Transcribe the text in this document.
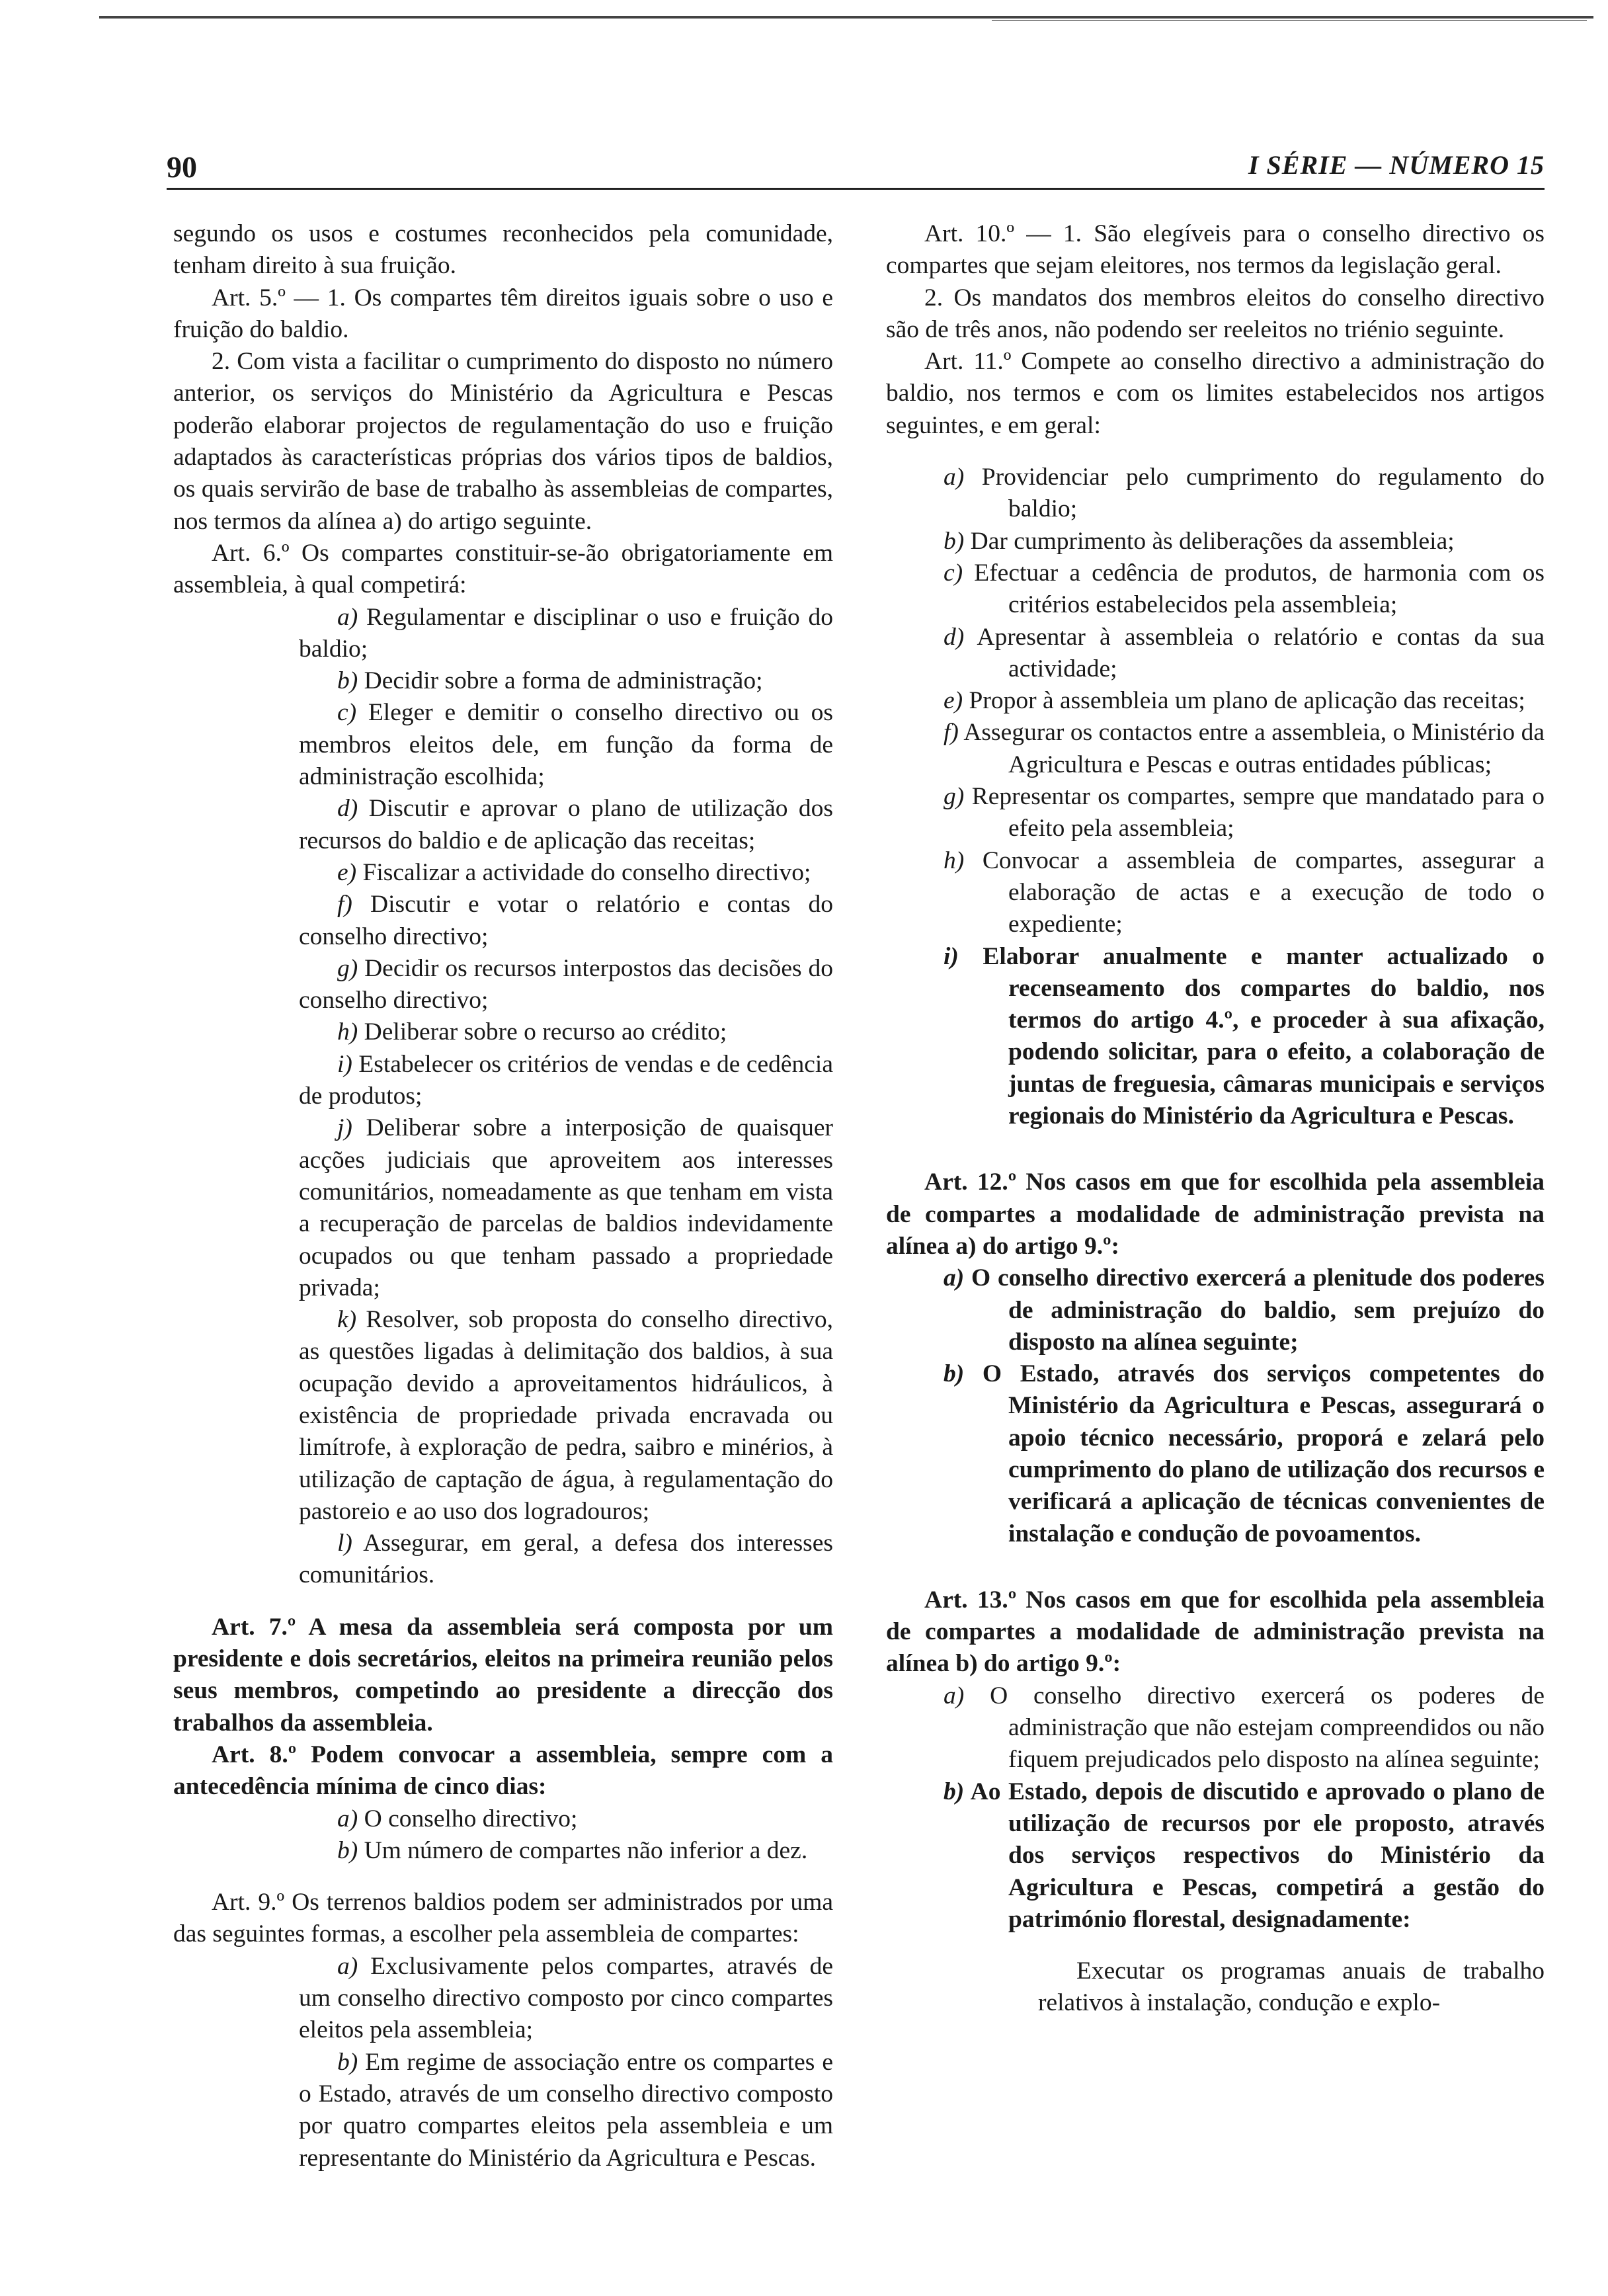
90	I SÉRIE — NÚMERO 15

segundo os usos e costumes reconhecidos pela comunidade, tenham direito à sua fruição.

Art. 5.º — 1. Os compartes têm direitos iguais sobre o uso e fruição do baldio.

2. Com vista a facilitar o cumprimento do disposto no número anterior, os serviços do Ministério da Agricultura e Pescas poderão elaborar projectos de regulamentação do uso e fruição adaptados às características próprias dos vários tipos de baldios, os quais servirão de base de trabalho às assembleias de compartes, nos termos da alínea a) do artigo seguinte.

Art. 6.º Os compartes constituir-se-ão obrigatoriamente em assembleia, à qual competirá:

a) Regulamentar e disciplinar o uso e fruição do baldio;

b) Decidir sobre a forma de administração;

c) Eleger e demitir o conselho directivo ou os membros eleitos dele, em função da forma de administração escolhida;

d) Discutir e aprovar o plano de utilização dos recursos do baldio e de aplicação das receitas;

e) Fiscalizar a actividade do conselho directivo;

f) Discutir e votar o relatório e contas do conselho directivo;

g) Decidir os recursos interpostos das decisões do conselho directivo;

h) Deliberar sobre o recurso ao crédito;

i) Estabelecer os critérios de vendas e de cedência de produtos;

j) Deliberar sobre a interposição de quaisquer acções judiciais que aproveitem aos interesses comunitários, nomeadamente as que tenham em vista a recuperação de parcelas de baldios indevidamente ocupados ou que tenham passado a propriedade privada;

k) Resolver, sob proposta do conselho directivo, as questões ligadas à delimitação dos baldios, à sua ocupação devido a aproveitamentos hidráulicos, à existência de propriedade privada encravada ou limítrofe, à exploração de pedra, saibro e minérios, à utilização de captação de água, à regulamentação do pastoreio e ao uso dos logradouros;

l) Assegurar, em geral, a defesa dos interesses comunitários.

Art. 7.º A mesa da assembleia será composta por um presidente e dois secretários, eleitos na primeira reunião pelos seus membros, competindo ao presidente a direcção dos trabalhos da assembleia.

Art. 8.º Podem convocar a assembleia, sempre com a antecedência mínima de cinco dias:

a) O conselho directivo;

b) Um número de compartes não inferior a dez.

Art. 9.º Os terrenos baldios podem ser administrados por uma das seguintes formas, a escolher pela assembleia de compartes:

a) Exclusivamente pelos compartes, através de um conselho directivo composto por cinco compartes eleitos pela assembleia;

b) Em regime de associação entre os compartes e o Estado, através de um conselho directivo composto por quatro compartes eleitos pela assembleia e um representante do Ministério da Agricultura e Pescas.

Art. 10.º — 1. São elegíveis para o conselho directivo os compartes que sejam eleitores, nos termos da legislação geral.

2. Os mandatos dos membros eleitos do conselho directivo são de três anos, não podendo ser reeleitos no triénio seguinte.

Art. 11.º Compete ao conselho directivo a administração do baldio, nos termos e com os limites estabelecidos nos artigos seguintes, e em geral:

a) Providenciar pelo cumprimento do regulamento do baldio;

b) Dar cumprimento às deliberações da assembleia;

c) Efectuar a cedência de produtos, de harmonia com os critérios estabelecidos pela assembleia;

d) Apresentar à assembleia o relatório e contas da sua actividade;

e) Propor à assembleia um plano de aplicação das receitas;

f) Assegurar os contactos entre a assembleia, o Ministério da Agricultura e Pescas e outras entidades públicas;

g) Representar os compartes, sempre que mandatado para o efeito pela assembleia;

h) Convocar a assembleia de compartes, assegurar a elaboração de actas e a execução de todo o expediente;

i) Elaborar anualmente e manter actualizado o recenseamento dos compartes do baldio, nos termos do artigo 4.º, e proceder à sua afixação, podendo solicitar, para o efeito, a colaboração de juntas de freguesia, câmaras municipais e serviços regionais do Ministério da Agricultura e Pescas.

Art. 12.º Nos casos em que for escolhida pela assembleia de compartes a modalidade de administração prevista na alínea a) do artigo 9.º:

a) O conselho directivo exercerá a plenitude dos poderes de administração do baldio, sem prejuízo do disposto na alínea seguinte;

b) O Estado, através dos serviços competentes do Ministério da Agricultura e Pescas, assegurará o apoio técnico necessário, proporá e zelará pelo cumprimento do plano de utilização dos recursos e verificará a aplicação de técnicas convenientes de instalação e condução de povoamentos.

Art. 13.º Nos casos em que for escolhida pela assembleia de compartes a modalidade de administração prevista na alínea b) do artigo 9.º:

a) O conselho directivo exercerá os poderes de administração que não estejam compreendidos ou não fiquem prejudicados pelo disposto na alínea seguinte;

b) Ao Estado, depois de discutido e aprovado o plano de utilização de recursos por ele proposto, através dos serviços respectivos do Ministério da Agricultura e Pescas, competirá a gestão do património florestal, designadamente:

Executar os programas anuais de trabalho relativos à instalação, condução e explo-
